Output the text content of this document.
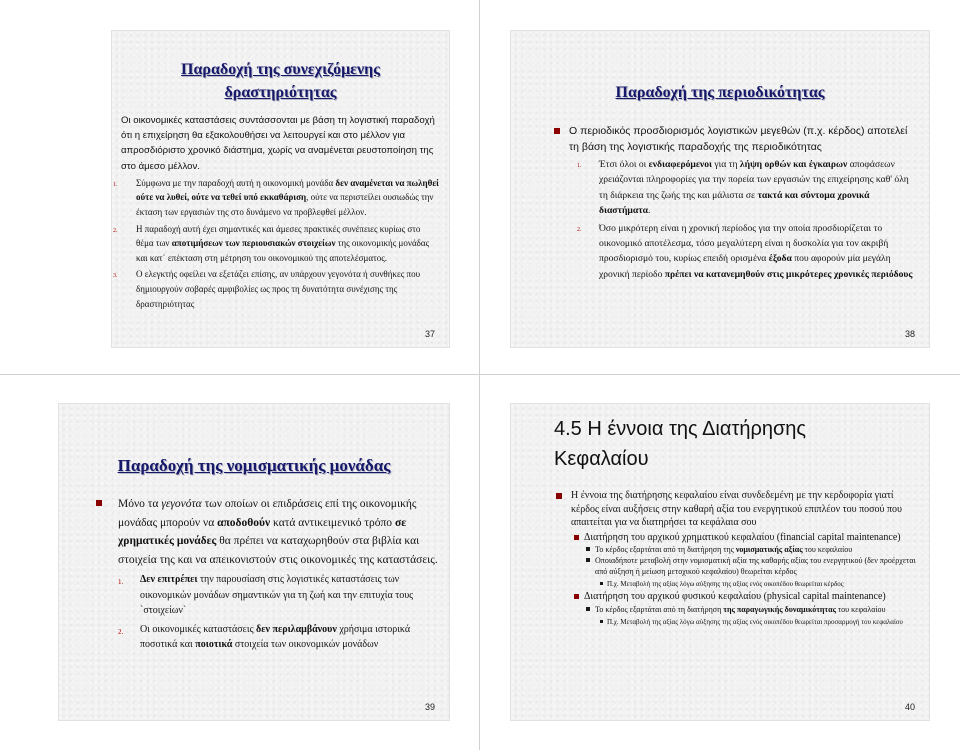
Παραδοχή της συνεχιζόμενης
δραστηριότητας
Οι οικονομικές καταστάσεις συντάσσονται με βάση τη λογιστική παραδοχή ότι η επιχείρηση θα εξακολουθήσει να λειτουργεί και στο μέλλον για απροσδιόριστο χρονικό διάστημα, χωρίς να αναμένεται ρευστοποίηση της στο άμεσο μέλλον.
1. Σύμφωνα με την παραδοχή αυτή η οικονομική μονάδα δεν αναμένεται να πωληθεί ούτε να λυθεί, ούτε να τεθεί υπό εκκαθάριση, ούτε να περιστείλει ουσιωδώς την έκταση των εργασιών της στο δυνάμενο να προβλεφθεί μέλλον.
2. Η παραδοχή αυτή έχει σημαντικές και άμεσες πρακτικές συνέπειες κυρίως στο θέμα των αποτιμήσεων των περιουσιακών στοιχείων της οικονομικής μονάδας και κατ΄ επέκταση στη μέτρηση του οικονομικού της αποτελέσματος.
3. Ο ελεγκτής οφείλει να εξετάζει επίσης, αν υπάρχουν γεγονότα ή συνθήκες που δημιουργούν σοβαρές αμφιβολίες ως προς τη δυνατότητα συνέχισης της δραστηριότητας
37
Παραδοχή της περιοδικότητας
Ο περιοδικός προσδιορισμός λογιστικών μεγεθών (π.χ. κέρδος) αποτελεί τη βάση της λογιστικής παραδοχής της περιοδικότητας
1. Έτσι όλοι οι ενδιαφερόμενοι για τη λήψη ορθών και έγκαιρων αποφάσεων χρειάζονται πληροφορίες για την πορεία των εργασιών της επιχείρησης καθ' όλη τη διάρκεια της ζωής της και μάλιστα σε τακτά και σύντομα χρονικά διαστήματα.
2. Όσο μικρότερη είναι η χρονική περίοδος για την οποία προσδιορίζεται το οικονομικό αποτέλεσμα, τόσο μεγαλύτερη είναι η δυσκολία για τον ακριβή προσδιορισμό του, κυρίως επειδή ορισμένα έξοδα που αφορούν μία μεγάλη χρονική περίοδο πρέπει να κατανεμηθούν στις μικρότερες χρονικές περιόδους
38
Παραδοχή της νομισματικής μονάδας
Μόνο τα γεγονότα των οποίων οι επιδράσεις επί της οικονομικής μονάδας μπορούν να αποδοθούν κατά αντικειμενικό τρόπο σε χρηματικές μονάδες θα πρέπει να καταχωρηθούν στα βιβλία και στοιχεία της και να απεικονιστούν στις οικονομικές της καταστάσεις.
1. Δεν επιτρέπει την παρουσίαση στις λογιστικές καταστάσεις των οικονομικών μονάδων σημαντικών για τη ζωή και την επιτυχία τους `στοιχείων`
2. Οι οικονομικές καταστάσεις δεν περιλαμβάνουν χρήσιμα ιστορικά ποσοτικά και ποιοτικά στοιχεία των οικονομικών μονάδων
39
4.5 Η έννοια της Διατήρησης
Κεφαλαίου
Η έννοια της διατήρησης κεφαλαίου είναι συνδεδεμένη με την κερδοφορία γιατί κέρδος είναι αυξήσεις στην καθαρή αξία του ενεργητικού επιπλέον του ποσού που απαιτείται για να διατηρήσει τα κεφάλαια σου
Διατήρηση του αρχικού χρηματικού κεφαλαίου (financial capital maintenance)
Το κέρδος εξαρτάται από τη διατήρηση της νομισματικής αξίας του κεφαλαίου
Οποιαδήποτε μεταβολή στην νομισματική αξία της καθαρής αξίας του ενεργητικού (δεν προέρχεται από αύξηση ή μείωση μετοχικού κεφαλαίου) θεωρείται κέρδος
Π.χ. Μεταβολή της αξίας λόγω αύξησης της αξίας ενός οικοπέδου θεωρείται κέρδος
Διατήρηση του αρχικού φυσικού κεφαλαίου (physical capital maintenance)
Το κέρδος εξαρτάται από τη διατήρηση της παραγωγικής δυναμικότητας του κεφαλαίου
Π.χ. Μεταβολή της αξίας λόγω αύξησης της αξίας ενός οικοπέδου θεωρείται προσαρμογή του κεφαλαίου
40
